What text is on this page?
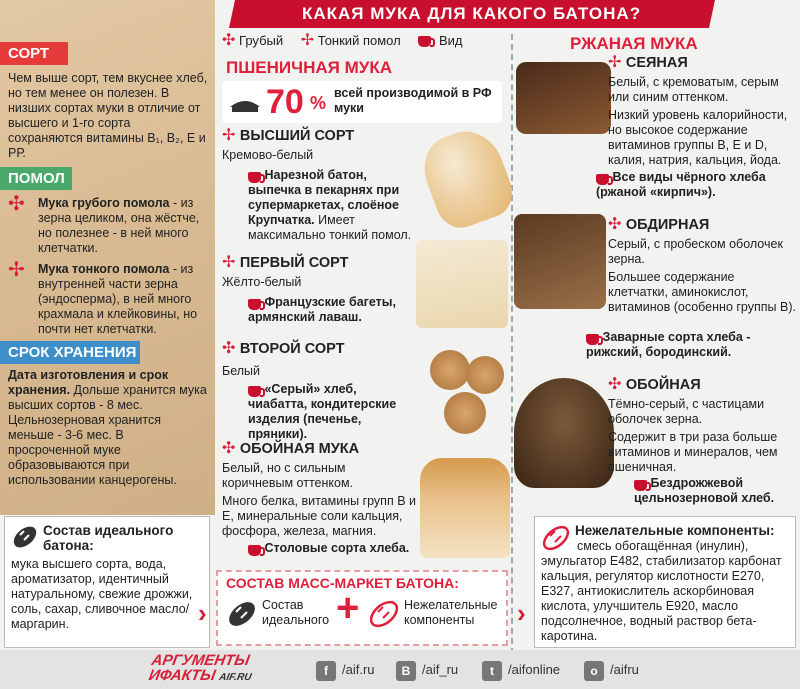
КАКАЯ МУКА ДЛЯ КАКОГО БАТОНА?
✣ Грубый ✢ Тонкий помол	Вид
СОРТ
Чем выше сорт, тем вкуснее хлеб, но тем менее он полезен. В низших сортах муки в отличие от высшего и 1-го сорта сохраняются витамины В₁, В₂, Е и РР.
ПОМОЛ
✣	Мука грубого помола - из зерна целиком, она жёстче, но полезнее - в ней много клетчатки.
✢	Мука тонкого помола - из внутренней части зерна (эндосперма), в ней много крахмала и клейковины, но почти нет клетчатки.
СРОК ХРАНЕНИЯ
Дата изготовления и срок хранения. Дольше хранится мука высших сортов - 8 мес. Цельнозерновая хранится меньше - 3-6 мес. В просроченной муке образовываются при использовании канцерогены.
ПШЕНИЧНАЯ МУКА
70 % всей производимой в РФ муки
✢ ВЫСШИЙ СОРТ
Кремово-белый
Нарезной батон, выпечка в пекарнях при супермаркетах, слоёное Крупчатка. Имеет максимально тонкий помол.
✢ ПЕРВЫЙ СОРТ
Жёлто-белый
Французские багеты, армянский лаваш.
✣ ВТОРОЙ СОРТ
Белый
«Серый» хлеб, чиабатта, кондитерские изделия (печенье, пряники).
✣ ОБОЙНАЯ МУКА
Белый, но с сильным коричневым оттенком.
Много белка, витамины групп В и Е, минеральные соли кальция, фосфора, железа, магния.
Столовые сорта хлеба.
РЖАНАЯ МУКА
✢ СЕЯНАЯ
Белый, с кремоватым, серым или синим оттенком.
Низкий уровень калорийности, но высокое содержание витаминов группы В, Е и D, калия, натрия, кальция, йода.
Все виды чёрного хлеба (ржаной «кирпич»).
✣ ОБДИРНАЯ
Серый, с пробеском оболочек зерна.
Большее содержание клетчатки, аминокислот, витаминов (особенно группы В).
Заварные сорта хлеба - рижский, бородинский.
✣ ОБОЙНАЯ
Тёмно-серый, с частицами оболочек зерна.
Содержит в три раза больше витаминов и минералов, чем пшеничная.
Бездрожжевой цельнозерновой хлеб.
Состав идеального батона:
мука высшего сорта, вода, ароматизатор, идентичный натуральному, свежие дрожжи, соль, сахар, сливочное масло/маргарин.	›	›
СОСТАВ МАСС-МАРКЕТ БАТОНА:
Состав идеального +	Нежелательные компоненты
Нежелательные компоненты:
смесь обогащённая (инулин), эмульгатор Е482, стабилизатор карбонат кальция, регулятор кислотности Е270, Е327, антиокислитель аскорбиновая кислота, улучшитель Е920, масло подсолнечное, водный раствор бета-каротина.
АРГУМЕНТЫ
ИФАКТЫ AIF.RU	f /aif.ru	В /aif_ru	t /aifonline	o /aifru
